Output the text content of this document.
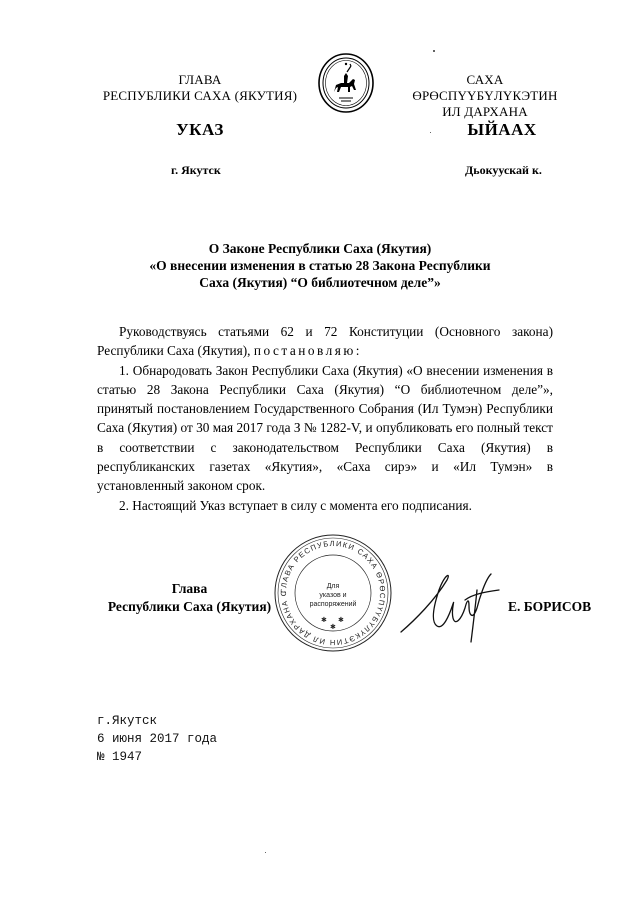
ГЛАВА
РЕСПУБЛИКИ САХА (ЯКУТИЯ)
САХА ӨРӨСПҮҮБҮЛҮКЭТИН
ИЛ ДАРХАНА
УКАЗ	ЫЙААХ
г. Якутск	Дьокуускай к.
О Законе Республики Саха (Якутия)
«О внесении изменения в статью 28 Закона Республики
Саха (Якутия) “О библиотечном деле”»

Руководствуясь статьями 62 и 72 Конституции (Основного закона) Республики Саха (Якутия), постановляю:

1. Обнародовать Закон Республики Саха (Якутия) «О внесении изменения в статью 28 Закона Республики Саха (Якутия) “О библиотечном деле”», принятый постановлением Государственного Собрания (Ил Тумэн) Республики Саха (Якутия) от 30 мая 2017 года З № 1282-V, и опубликовать его полный текст в соответствии с законодательством Республики Саха (Якутия) в республиканских газетах «Якутия», «Саха сирэ» и «Ил Тумэн» в установленный законом срок.

2. Настоящий Указ вступает в силу с момента его подписания.

Глава
Республики Саха (Якутия)
ГЛАВА РЕСПУБЛИКИ САХА ӨРӨСПҮҮБҮЛҮКЭТИН ИЛ ДАРХАНА С
Для
указов и
распоряжений
✱ ✱
✱
Е. БОРИСОВ
г.Якутск
6 июня 2017 года
№ 1947
